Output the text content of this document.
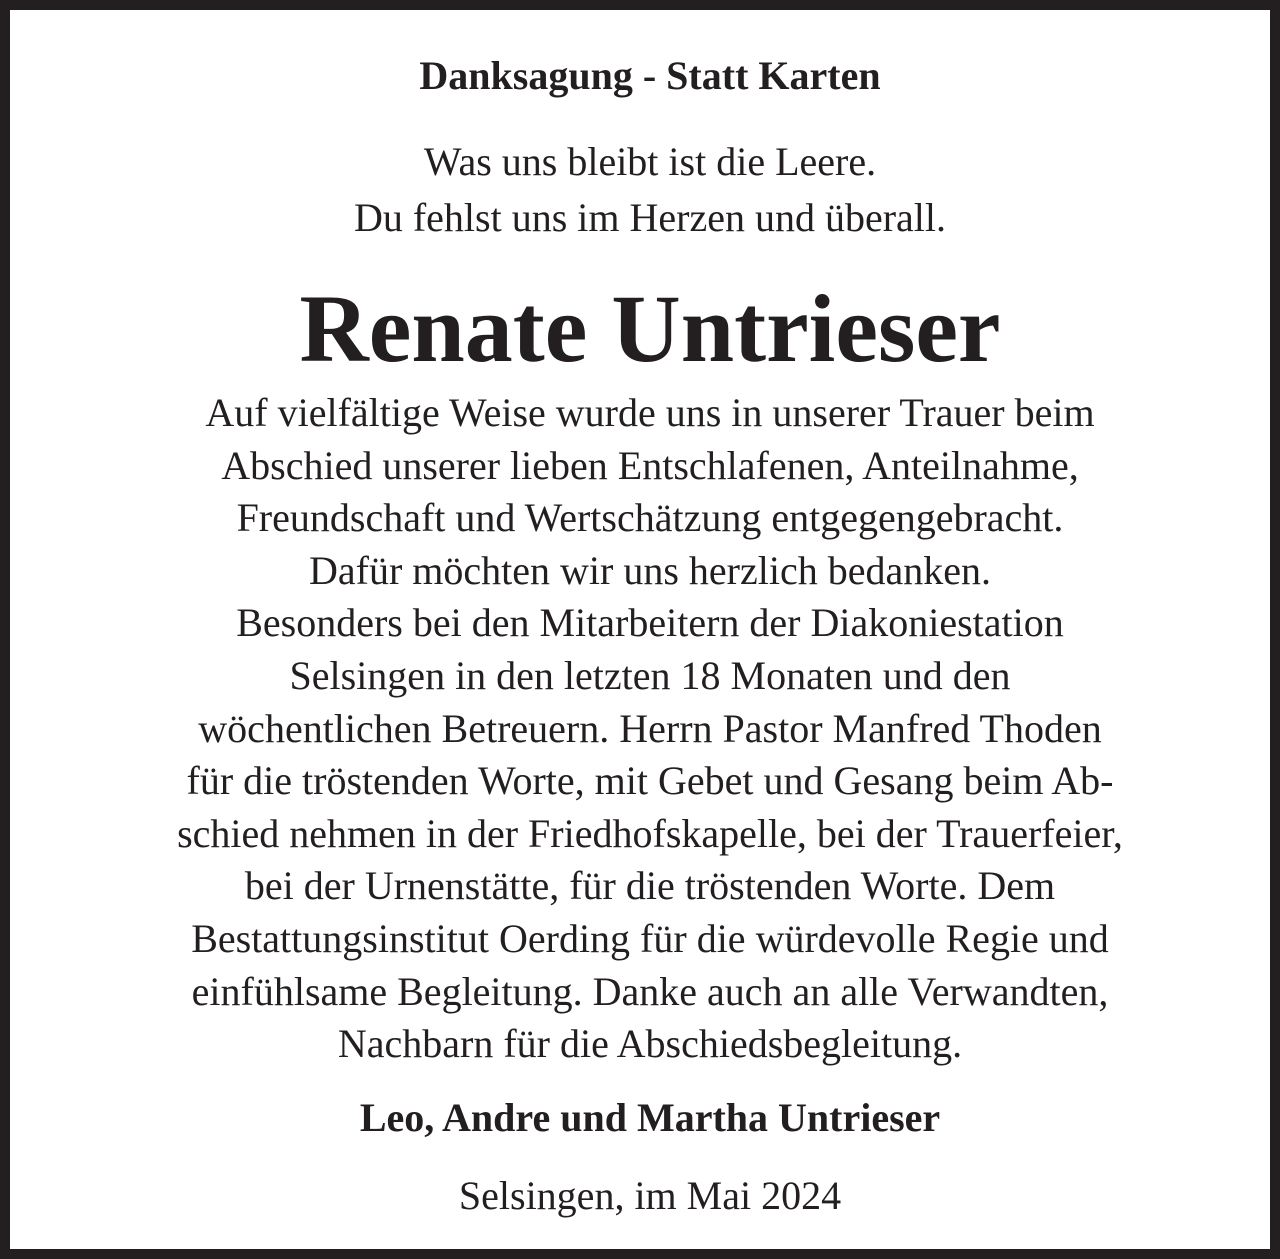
Danksagung - Statt Karten
Was uns bleibt ist die Leere.
Du fehlst uns im Herzen und überall.
Renate Untrieser
Auf vielfältige Weise wurde uns in unserer Trauer beim
Abschied unserer lieben Entschlafenen, Anteilnahme,
Freundschaft und Wertschätzung entgegengebracht.
Dafür möchten wir uns herzlich bedanken.
Besonders bei den Mitarbeitern der Diakoniestation
Selsingen in den letzten 18 Monaten und den
wöchentlichen Betreuern. Herrn Pastor Manfred Thoden
für die tröstenden Worte, mit Gebet und Gesang beim Ab-
schied nehmen in der Friedhofskapelle, bei der Trauerfeier,
bei der Urnenstätte, für die tröstenden Worte. Dem
Bestattungsinstitut Oerding für die würdevolle Regie und
einfühlsame Begleitung. Danke auch an alle Verwandten,
Nachbarn für die Abschiedsbegleitung.
Leo, Andre und Martha Untrieser
Selsingen, im Mai 2024
